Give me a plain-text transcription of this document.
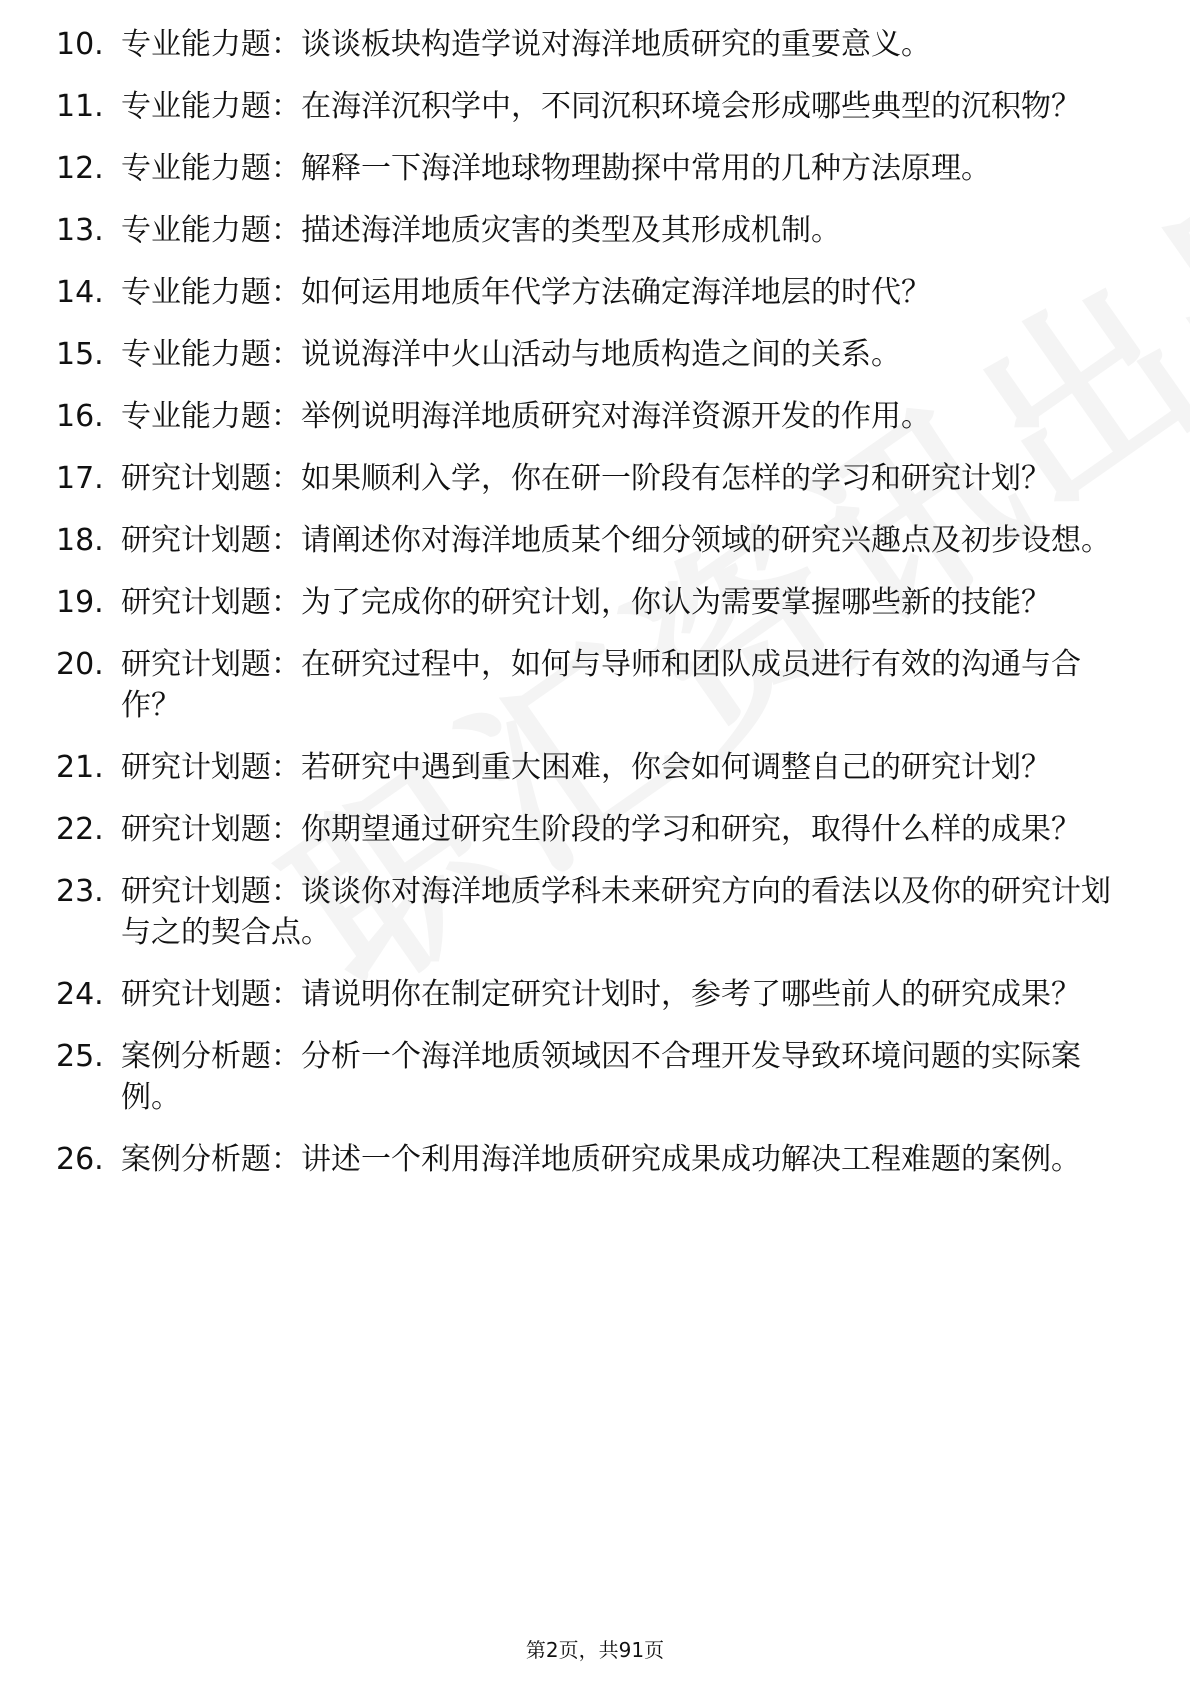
10. 专业能力题：谈谈板块构造学说对海洋地质研究的重要意义。
11. 专业能力题：在海洋沉积学中，不同沉积环境会形成哪些典型的沉积物？
12. 专业能力题：解释一下海洋地球物理勘探中常用的几种方法原理。
13. 专业能力题：描述海洋地质灾害的类型及其形成机制。
14. 专业能力题：如何运用地质年代学方法确定海洋地层的时代？
15. 专业能力题：说说海洋中火山活动与地质构造之间的关系。
16. 专业能力题：举例说明海洋地质研究对海洋资源开发的作用。
17. 研究计划题：如果顺利入学，你在研一阶段有怎样的学习和研究计划？
18. 研究计划题：请阐述你对海洋地质某个细分领域的研究兴趣点及初步设想。
19. 研究计划题：为了完成你的研究计划，你认为需要掌握哪些新的技能？
20. 研究计划题：在研究过程中，如何与导师和团队成员进行有效的沟通与合作？
21. 研究计划题：若研究中遇到重大困难，你会如何调整自己的研究计划？
22. 研究计划题：你期望通过研究生阶段的学习和研究，取得什么样的成果？
23. 研究计划题：谈谈你对海洋地质学科未来研究方向的看法以及你的研究计划与之的契合点。
24. 研究计划题：请说明你在制定研究计划时，参考了哪些前人的研究成果？
25. 案例分析题：分析一个海洋地质领域因不合理开发导致环境问题的实际案例。
26. 案例分析题：讲述一个利用海洋地质研究成果成功解决工程难题的案例。
第2页，共91页
